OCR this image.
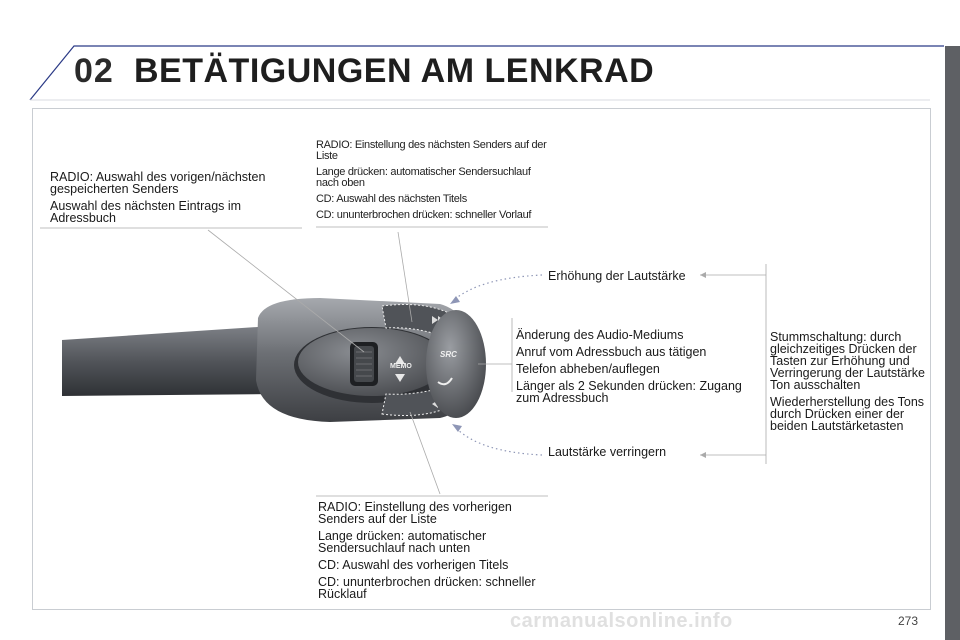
02 BETÄTIGUNGEN AM LENKRAD
MEMO
SRC

RADIO: Auswahl des vorigen/nächsten gespeicherten Senders

Auswahl des nächsten Eintrags im Adressbuch

RADIO: Einstellung des nächsten Senders auf der Liste

Lange drücken: automatischer Sendersuchlauf nach oben

CD: Auswahl des nächsten Titels

CD: ununterbrochen drücken: schneller Vorlauf

Erhöhung der Lautstärke

Änderung des Audio-Mediums

Anruf vom Adressbuch aus tätigen

Telefon abheben/auflegen

Länger als 2 Sekunden drücken: Zugang zum Adressbuch

Stummschaltung: durch gleichzeitiges Drücken der Tasten zur Erhöhung und Verringerung der Lautstärke Ton ausschalten

Wiederherstellung des Tons durch Drücken einer der beiden Lautstärketasten

Lautstärke verringern

RADIO: Einstellung des vorherigen Senders auf der Liste

Lange drücken: automatischer Sendersuchlauf nach unten

CD: Auswahl des vorherigen Titels

CD: ununterbrochen drücken: schneller Rücklauf

carmanualsonline.info	273
